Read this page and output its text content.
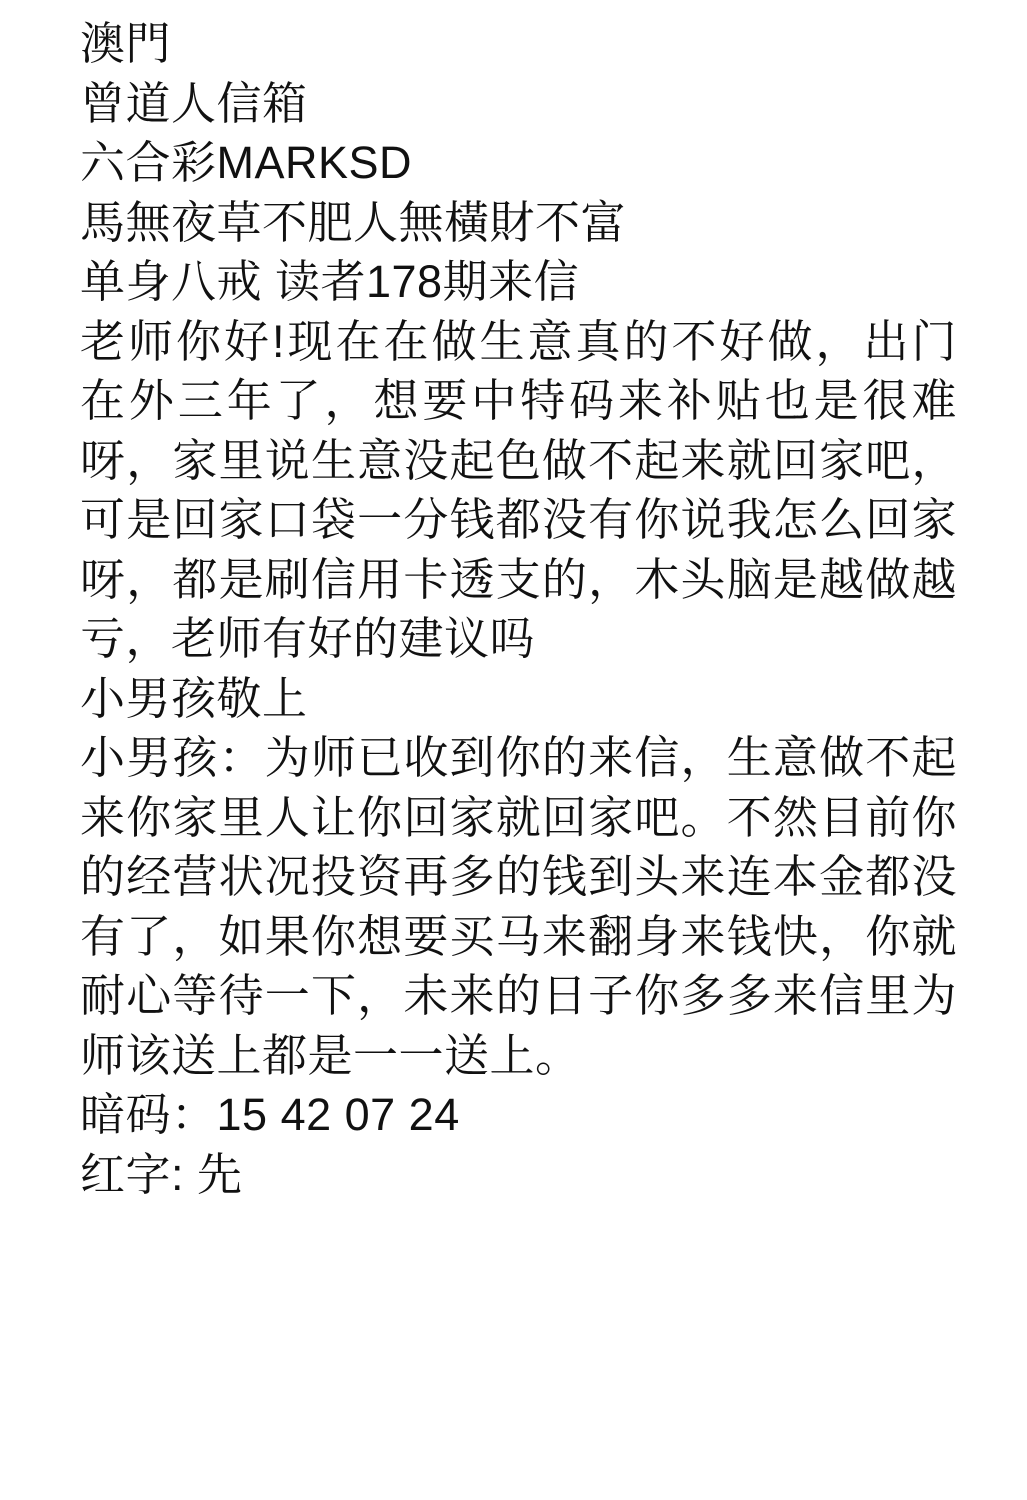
澳門
曾道人信箱
六合彩MARKSD
馬無夜草不肥人無橫財不富
单身八戒 读者178期来信
老师你好!现在在做生意真的不好做，出门在外三年了，想要中特码来补贴也是很难呀，家里说生意没起色做不起来就回家吧，可是回家口袋一分钱都没有你说我怎么回家呀，都是刷信用卡透支的，木头脑是越做越亏，老师有好的建议吗
小男孩敬上
小男孩：为师已收到你的来信，生意做不起来你家里人让你回家就回家吧。不然目前你的经营状况投资再多的钱到头来连本金都没有了，如果你想要买马来翻身来钱快，你就耐心等待一下，未来的日子你多多来信里为师该送上都是一一送上。
暗码：15 42 07 24
红字: 先
